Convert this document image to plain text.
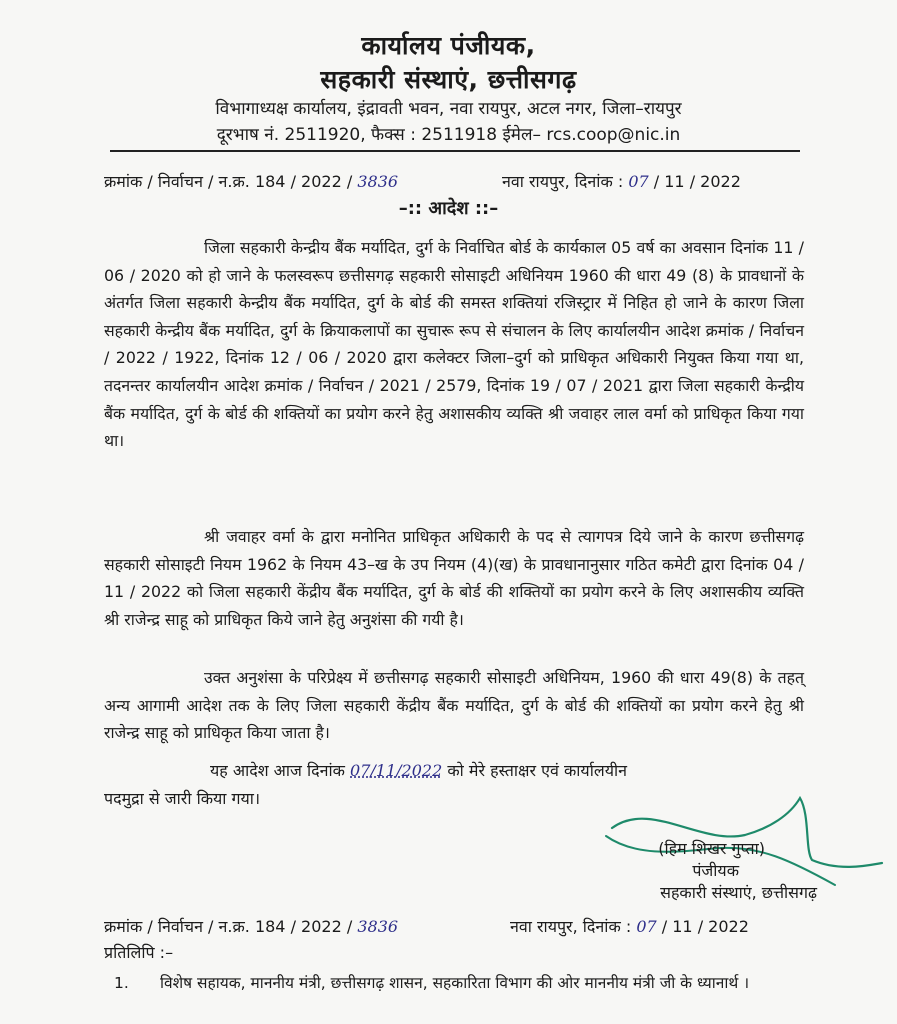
कार्यालय पंजीयक,
सहकारी संस्थाएं, छत्तीसगढ़
विभागाध्यक्ष कार्यालय, इंद्रावती भवन, नवा रायपुर, अटल नगर, जिला–रायपुर
दूरभाष नं. 2511920, फैक्स : 2511918 ईमेल– rcs.coop@nic.in
क्रमांक / निर्वाचन / न.क्र. 184 / 2022 / 3836	नवा रायपुर, दिनांक : 07 / 11 / 2022
–:: आदेश ::–
जिला सहकारी केन्द्रीय बैंक मर्यादित, दुर्ग के निर्वाचित बोर्ड के कार्यकाल 05 वर्ष का अवसान दिनांक 11 / 06 / 2020 को हो जाने के फलस्वरूप छत्तीसगढ़ सहकारी सोसाइटी अधिनियम 1960 की धारा 49 (8) के प्रावधानों के अंतर्गत जिला सहकारी केन्द्रीय बैंक मर्यादित, दुर्ग के बोर्ड की समस्त शक्तियां रजिस्ट्रार में निहित हो जाने के कारण जिला सहकारी केन्द्रीय बैंक मर्यादित, दुर्ग के क्रियाकलापों का सुचारू रूप से संचालन के लिए कार्यालयीन आदेश क्रमांक / निर्वाचन / 2022 / 1922, दिनांक 12 / 06 / 2020 द्वारा कलेक्टर जिला–दुर्ग को प्राधिकृत अधिकारी नियुक्त किया गया था, तदनन्तर कार्यालयीन आदेश क्रमांक / निर्वाचन / 2021 / 2579, दिनांक 19 / 07 / 2021 द्वारा जिला सहकारी केन्द्रीय बैंक मर्यादित, दुर्ग के बोर्ड की शक्तियों का प्रयोग करने हेतु अशासकीय व्यक्ति श्री जवाहर लाल वर्मा को प्राधिकृत किया गया था।
श्री जवाहर वर्मा के द्वारा मनोनित प्राधिकृत अधिकारी के पद से त्यागपत्र दिये जाने के कारण छत्तीसगढ़ सहकारी सोसाइटी नियम 1962 के नियम 43–ख के उप नियम (4)(ख) के प्रावधानानुसार गठित कमेटी द्वारा दिनांक 04 / 11 / 2022 को जिला सहकारी केंद्रीय बैंक मर्यादित, दुर्ग के बोर्ड की शक्तियों का प्रयोग करने के लिए अशासकीय व्यक्ति श्री राजेन्द्र साहू को प्राधिकृत किये जाने हेतु अनुशंसा की गयी है।
उक्त अनुशंसा के परिप्रेक्ष्य में छत्तीसगढ़ सहकारी सोसाइटी अधिनियम, 1960 की धारा 49(8) के तहत् अन्य आगामी आदेश तक के लिए जिला सहकारी केंद्रीय बैंक मर्यादित, दुर्ग के बोर्ड की शक्तियों का प्रयोग करने हेतु श्री राजेन्द्र साहू को प्राधिकृत किया जाता है।
यह आदेश आज दिनांक 07/11/2022 को मेरे हस्ताक्षर एवं कार्यालयीन
पदमुद्रा से जारी किया गया।
(हिम शिखर गुप्ता)
पंजीयक
सहकारी संस्थाएं, छत्तीसगढ़
क्रमांक / निर्वाचन / न.क्र. 184 / 2022 / 3836	नवा रायपुर, दिनांक : 07 / 11 / 2022
प्रतिलिपि :–
1. विशेष सहायक, माननीय मंत्री, छत्तीसगढ़ शासन, सहकारिता विभाग की ओर माननीय मंत्री जी के ध्यानार्थ ।
